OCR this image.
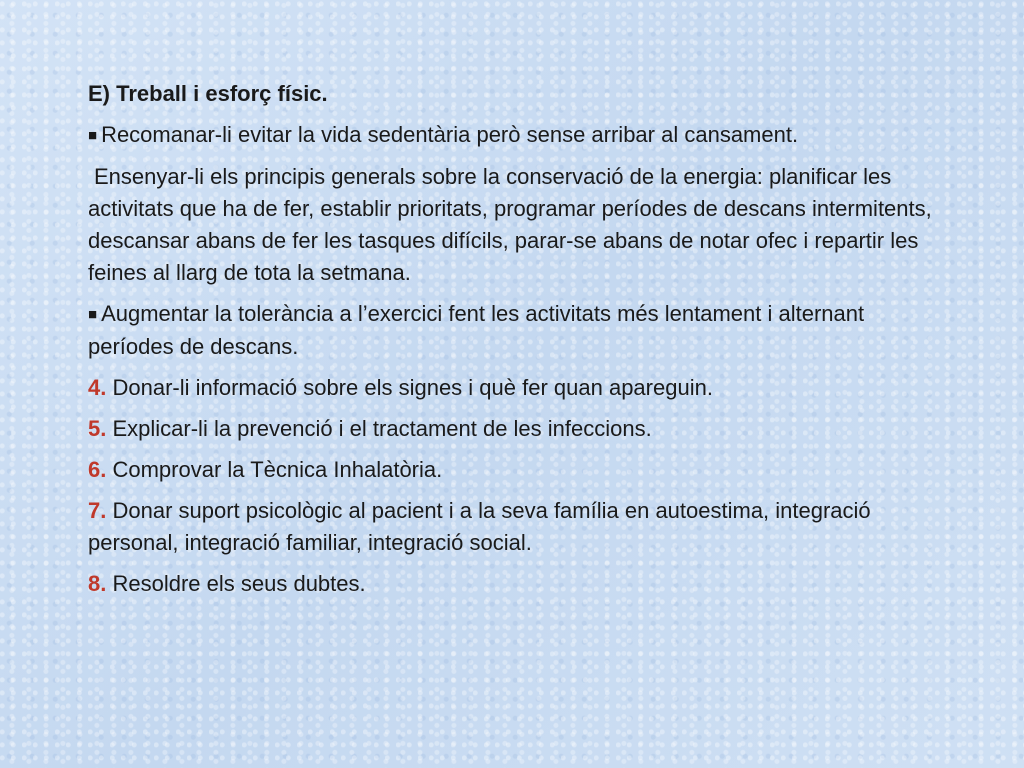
E) Treball i esforç físic.

■ Recomanar-li evitar la vida sedentària però sense arribar al cansament.

Ensenyar-li els principis generals sobre la conservació de la energia: planificar les activitats que ha de fer, establir prioritats, programar períodes de descans intermitents, descansar abans de fer les tasques difícils, parar-se abans de notar ofec i repartir les feines al llarg de tota la setmana.

■ Augmentar la tolerància a l’exercici fent les activitats més lentament i alternant períodes de descans.

4. Donar-li informació sobre els signes i què fer quan apareguin.

5. Explicar-li la prevenció i el tractament de les infeccions.

6. Comprovar la Tècnica Inhalatòria.

7. Donar suport psicològic al pacient i a la seva família en autoestima, integració personal, integració familiar, integració social.

8. Resoldre els seus dubtes.
